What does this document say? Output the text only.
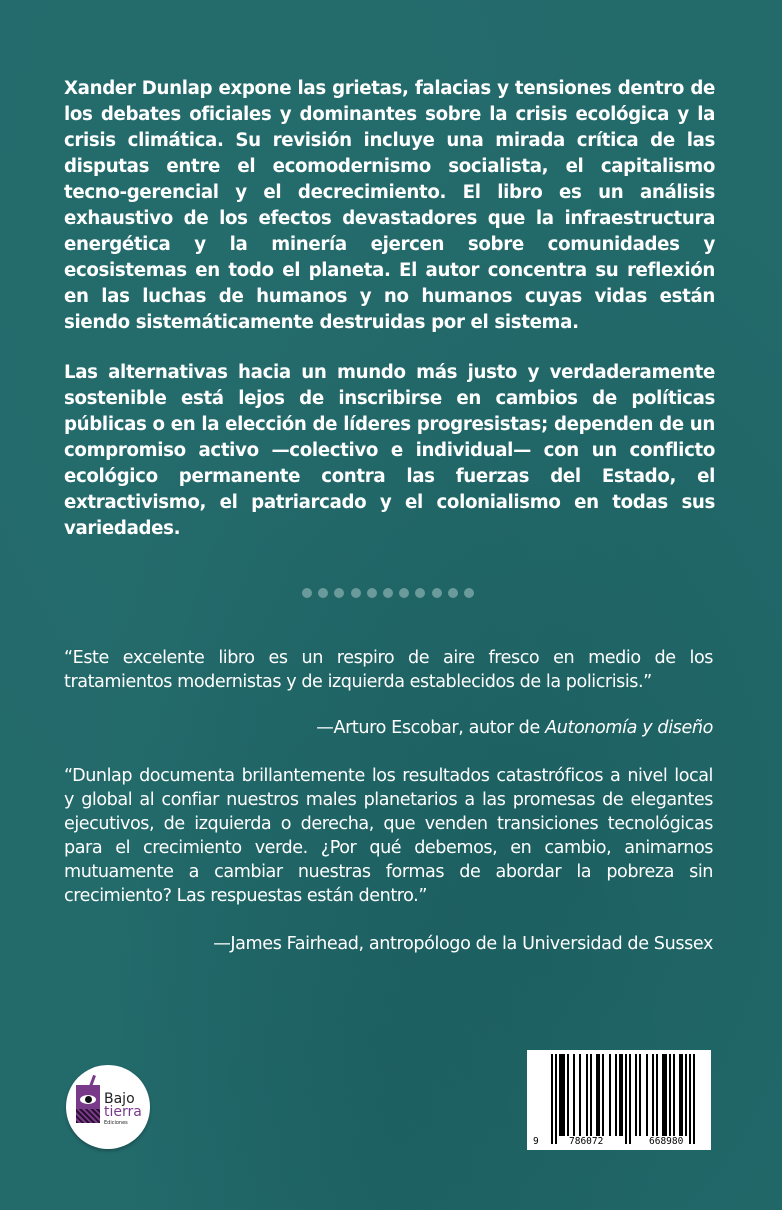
Xander Dunlap expone las grietas, falacias y tensiones dentro de los debates oficiales y dominantes sobre la crisis ecológica y la crisis climática. Su revisión incluye una mirada crítica de las disputas entre el ecomodernismo socialista, el capitalismo tecno-gerencial y el decrecimiento. El libro es un análisis exhaustivo de los efectos devastadores que la infraestructura energética y la minería ejercen sobre comunidades y ecosistemas en todo el planeta. El autor concentra su reflexión en las luchas de humanos y no humanos cuyas vidas están siendo sistemáticamente destruidas por el sistema.

Las alternativas hacia un mundo más justo y verdaderamente sostenible está lejos de inscribirse en cambios de políticas públicas o en la elección de líderes progresistas; dependen de un compromiso activo —colectivo e individual— con un conflicto ecológico permanente contra las fuerzas del Estado, el extractivismo, el patriarcado y el colonialismo en todas sus variedades.

“Este excelente libro es un respiro de aire fresco en medio de los tratamientos modernistas y de izquierda establecidos de la policrisis.”

—Arturo Escobar, autor de Autonomía y diseño

“Dunlap documenta brillantemente los resultados catastróficos a nivel local y global al confiar nuestros males planetarios a las promesas de elegantes ejecutivos, de izquierda o derecha, que venden transiciones tecnológicas para el crecimiento verde. ¿Por qué debemos, en cambio, animarnos mutuamente a cambiar nuestras formas de abordar la pobreza sin crecimiento? Las respuestas están dentro.”

—James Fairhead, antropólogo de la Universidad de Sussex
Bajo
tierra
Ediciones
9	786072	668980
